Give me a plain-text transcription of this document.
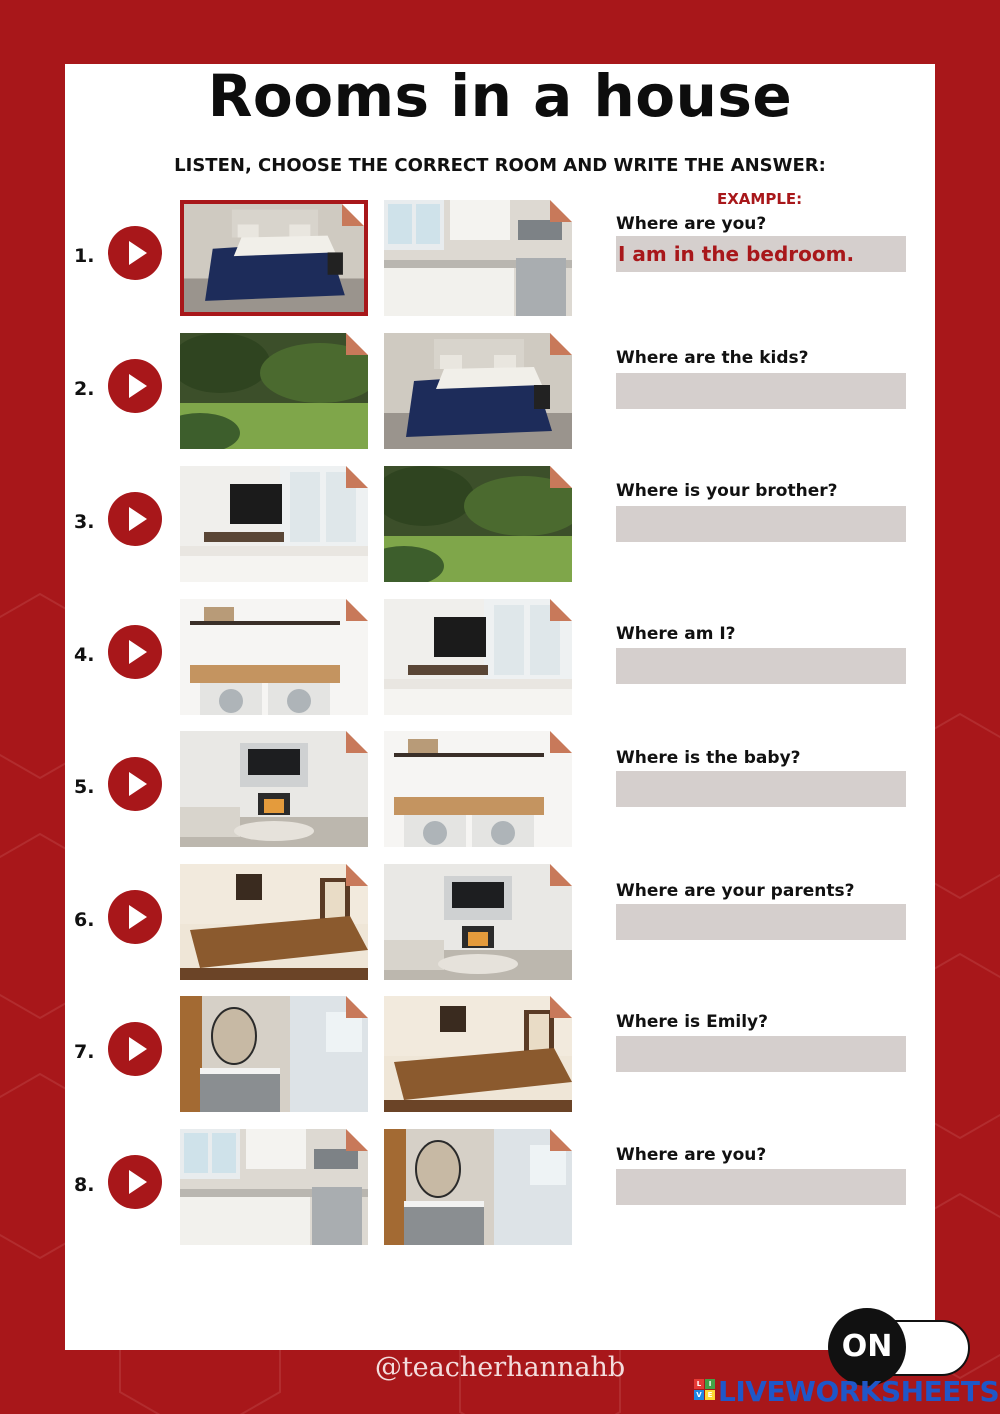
Rooms in a house
LISTEN, CHOOSE THE CORRECT ROOM AND WRITE THE ANSWER:
EXAMPLE:
1.
Where are you?
I am in the bedroom.
2.
Where are the kids?
3.
Where is your brother?
4.
Where am I?
5.
Where is the baby?
6.
Where are your parents?
7.
Where is Emily?
8.
Where are you?
@teacherhannahb
ON
L	I
V E LIVEWORKSHEETS
